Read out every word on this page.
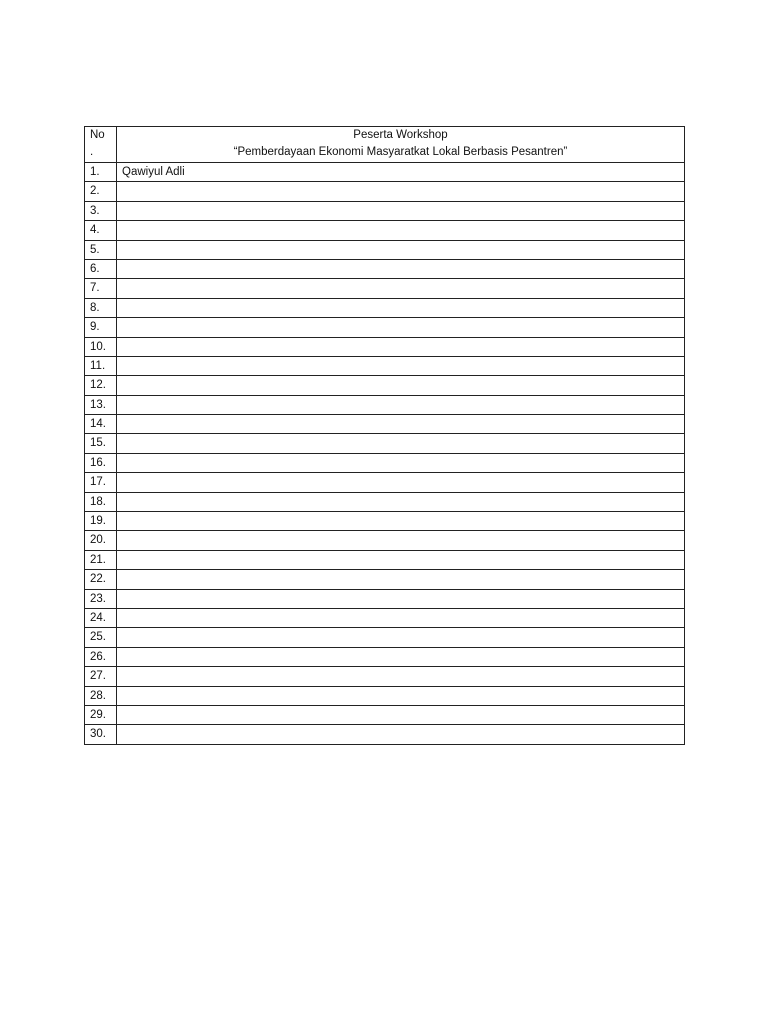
No
.	Peserta Workshop
“Pemberdayaan Ekonomi Masyaratkat Lokal Berbasis Pesantren”
1.	Qawiyul Adli
2.	
3.	
4.	
5.	
6.	
7.	
8.	
9.	
10.	
11.	
12.	
13.	
14.	
15.	
16.	
17.	
18.	
19.	
20.	
21.	
22.	
23.	
24.	
25.	
26.	
27.	
28.	
29.	
30.	
